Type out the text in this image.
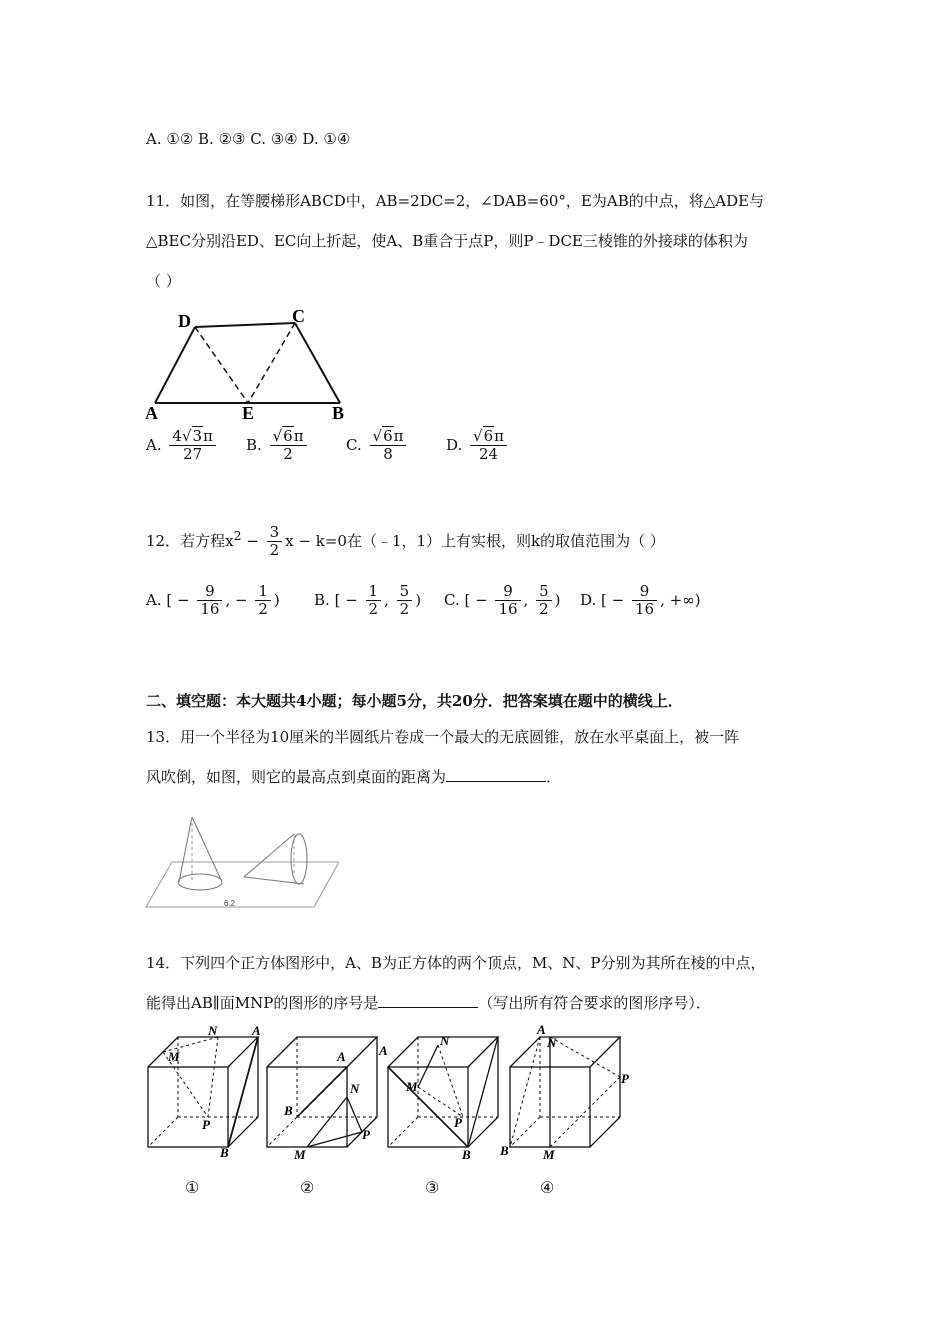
A. ①② B. ②③ C. ③④ D. ①④
11．如图，在等腰梯形ABCD中，AB=2DC=2，∠DAB=60°，E为AB的中点，将△ADE与
△BEC分别沿ED、EC向上折起，使A、B重合于点P，则P﹣DCE三棱锥的外接球的体积为
（ ）
A	B
C
D
E
A. $\frac{4√3\pi}{27} B$. $\frac{√6\pi}{2}$	C. $\frac{√6\pi}{8}$	D. $\frac{√6\pi}{24}$
12．若方程$x^2 - \frac{3}{2}$ x − k=0在（﹣1，1）上有实根，则k的取值范围为（ ）
A. [ − $\frac{9}{16}$ , − $\frac{1}{2}$ ) B. [ − $\frac{1}{2}$ , $\frac{5}{2}$ ) C. [ − $\frac{9}{16}$ , $\frac{5}{2}$ ) D. [ − $\frac{9}{16}$ , +∞)
二、填空题：本大题共4小题；每小题5分，共20分．把答案填在题中的横线上．
13．用一个半径为10厘米的半圆纸片卷成一个最大的无底圆锥，放在水平桌面上，被一阵
风吹倒，如图，则它的最高点到桌面的距离为	．
6.2
14．下列四个正方体图形中，A、B为正方体的两个顶点，M、N、P分别为其所在棱的中点，
能得出AB∥面MNP的图形的序号是	（写出所有符合要求的图形序号）．
M
N	A
P
B
A
N
B
P
M
A
N
M
P
B
A
N
P
B	M
①	②	③	④
